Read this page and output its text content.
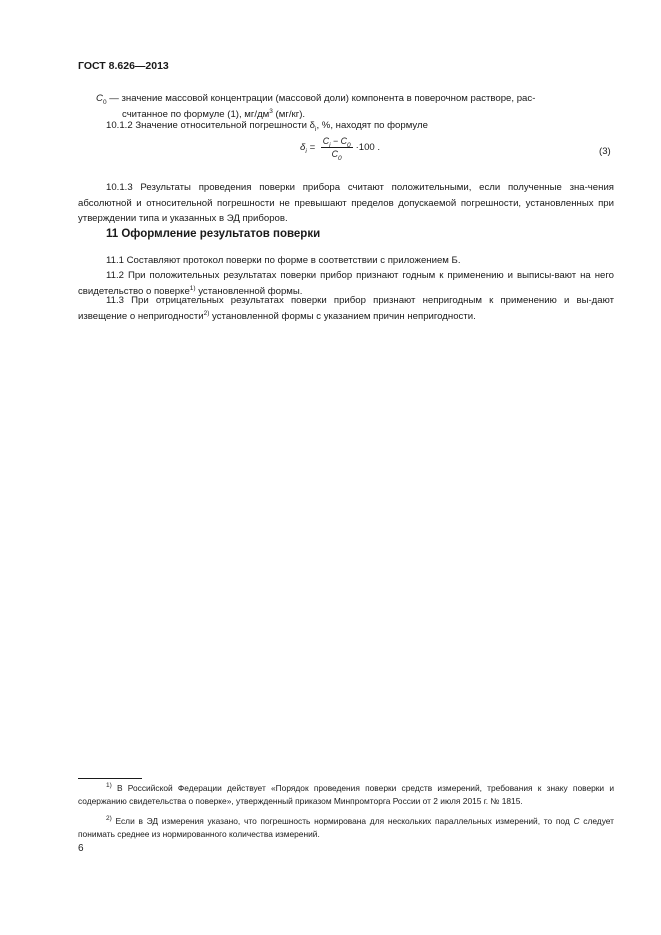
ГОСТ 8.626—2013
$C_0$ — значение массовой концентрации (массовой доли) компонента в поверочном растворе, рас-
считанное по формуле (1), $мг/дм^3$ (мг/кг).
10.1.2 Значение относительной погрешности $\delta_i$, %, находят по формуле
$\delta_i = \frac{C_i - C_0}{C_0} \cdot 100$ .	(3)
10.1.3 Результаты проведения поверки прибора считают положительными, если полученные зна-чения абсолютной и относительной погрешности не превышают пределов допускаемой погрешности, установленных при утверждении типа и указанных в ЭД приборов.
11 Оформление результатов поверки
11.1 Составляют протокол поверки по форме в соответствии с приложением Б.
11.2 При положительных результатах поверки прибор признают годным к применению и выписы-вают на него свидетельство о поверке$^{1)}$ установленной формы.
11.3 При отрицательных результатах поверки прибор признают непригодным к применению и вы-дают извещение о непригодности$^{2)}$ установленной формы с указанием причин непригодности.
$^{1)}$ В Российской Федерации действует «Порядок проведения поверки средств измерений, требования к знаку поверки и содержанию свидетельства о поверке», утвержденный приказом Минпромторга России от 2 июля 2015 г. № 1815.
$^{2)}$ Если в ЭД измерения указано, что погрешность нормирована для нескольких параллельных измерений, то под C следует понимать среднее из нормированного количества измерений.
6
